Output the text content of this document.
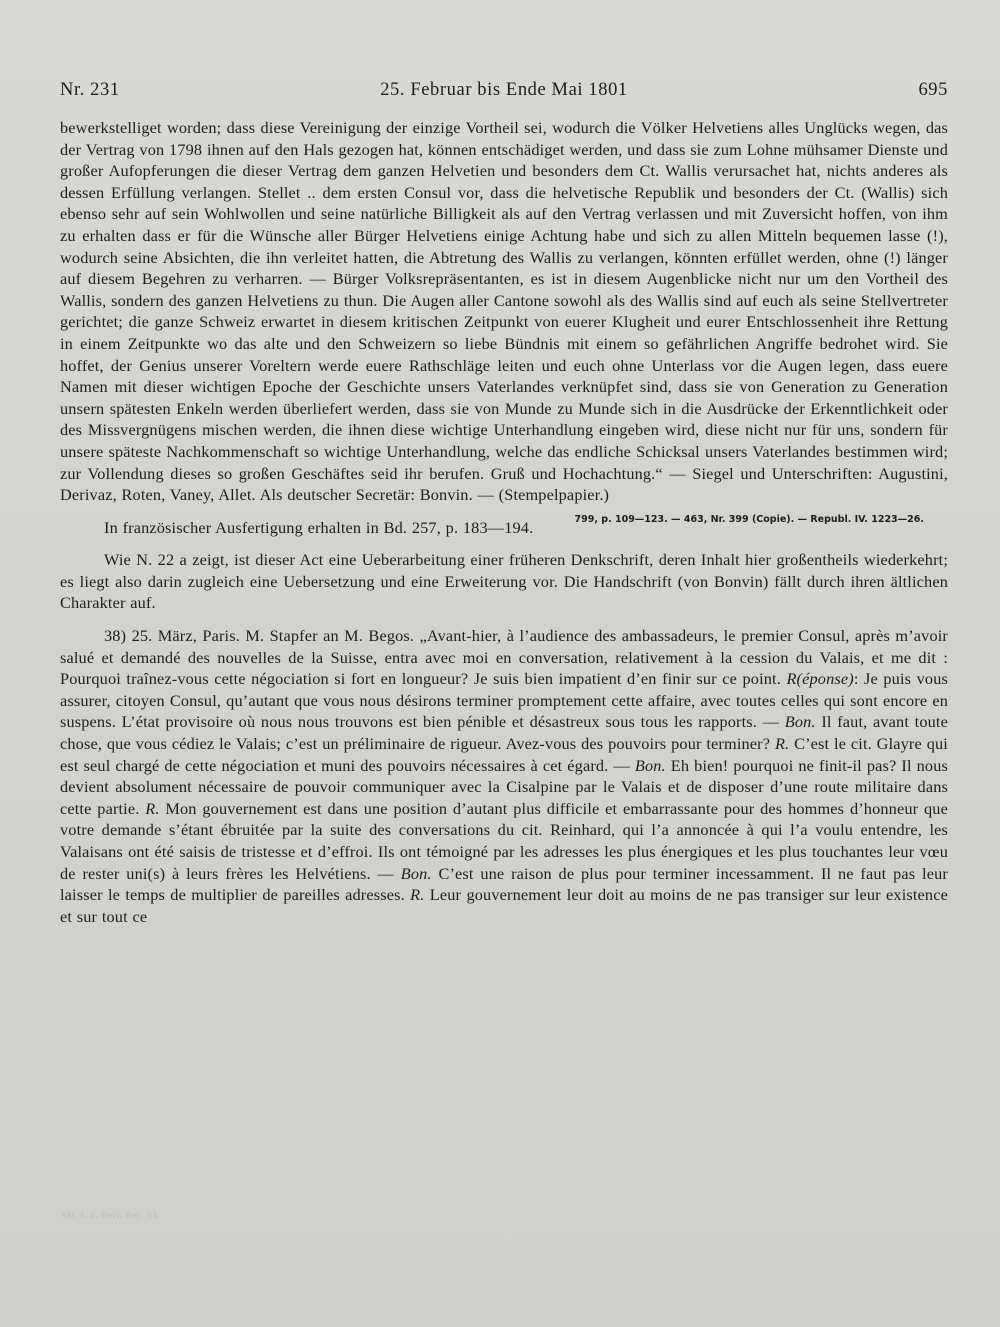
Nr. 231	25. Februar bis Ende Mai 1801	695

bewerkstelliget worden; dass diese Vereinigung der einzige Vortheil sei, wodurch die Völker Helvetiens alles Unglücks wegen, das der Vertrag von 1798 ihnen auf den Hals gezogen hat, können entschädiget werden, und dass sie zum Lohne mühsamer Dienste und großer Aufopferungen die dieser Vertrag dem ganzen Helvetien und besonders dem Ct. Wallis verursachet hat, nichts anderes als dessen Erfüllung verlangen. Stellet .. dem ersten Consul vor, dass die helvetische Republik und besonders der Ct. (Wallis) sich ebenso sehr auf sein Wohlwollen und seine natürliche Billigkeit als auf den Vertrag verlassen und mit Zuversicht hoffen, von ihm zu erhalten dass er für die Wünsche aller Bürger Helvetiens einige Achtung habe und sich zu allen Mitteln bequemen lasse (!), wodurch seine Absichten, die ihn verleitet hatten, die Abtretung des Wallis zu verlangen, könnten erfüllet werden, ohne (!) länger auf diesem Begehren zu verharren. — Bürger Volksrepräsentanten, es ist in diesem Augenblicke nicht nur um den Vortheil des Wallis, sondern des ganzen Helvetiens zu thun. Die Augen aller Cantone sowohl als des Wallis sind auf euch als seine Stellvertreter gerichtet; die ganze Schweiz erwartet in diesem kritischen Zeitpunkt von euerer Klugheit und eurer Entschlossenheit ihre Rettung in einem Zeitpunkte wo das alte und den Schweizern so liebe Bündnis mit einem so gefährlichen Angriffe bedrohet wird. Sie hoffet, der Genius unserer Voreltern werde euere Rathschläge leiten und euch ohne Unterlass vor die Augen legen, dass euere Namen mit dieser wichtigen Epoche der Geschichte unsers Vaterlandes verknüpfet sind, dass sie von Generation zu Generation unsern spätesten Enkeln werden überliefert werden, dass sie von Munde zu Munde sich in die Ausdrücke der Erkenntlichkeit oder des Missvergnügens mischen werden, die ihnen diese wichtige Unterhandlung eingeben wird, diese nicht nur für uns, sondern für unsere späteste Nachkommenschaft so wichtige Unterhandlung, welche das endliche Schicksal unsers Vaterlandes bestimmen wird; zur Vollendung dieses so großen Geschäftes seid ihr berufen. Gruß und Hochachtung.“ — Siegel und Unterschriften: Augustini, Derivaz, Roten, Vaney, Allet. Als deutscher Secretär: Bonvin. — (Stempelpapier.)
799, p. 109—123. — 463, Nr. 399 (Copie). — Republ. IV. 1223—26.

In französischer Ausfertigung erhalten in Bd. 257, p. 183—194.

Wie N. 22 a zeigt, ist dieser Act eine Ueberarbeitung einer früheren Denkschrift, deren Inhalt hier großentheils wiederkehrt; es liegt also darin zugleich eine Uebersetzung und eine Erweiterung vor. Die Handschrift (von Bonvin) fällt durch ihren ältlichen Charakter auf.

38) 25. März, Paris. M. Stapfer an M. Begos. „Avant-hier, à l’audience des ambassadeurs, le premier Consul, après m’avoir salué et demandé des nouvelles de la Suisse, entra avec moi en conversation, relativement à la cession du Valais, et me dit : Pourquoi traînez-vous cette négociation si fort en longueur? Je suis bien impatient d’en finir sur ce point. R(éponse): Je puis vous assurer, citoyen Consul, qu’autant que vous nous désirons terminer promptement cette affaire, avec toutes celles qui sont encore en suspens. L’état provisoire où nous nous trouvons est bien pénible et désastreux sous tous les rapports. — Bon. Il faut, avant toute chose, que vous cédiez le Valais; c’est un préliminaire de rigueur. Avez-vous des pouvoirs pour terminer? R. C’est le cit. Glayre qui est seul chargé de cette négociation et muni des pouvoirs nécessaires à cet égard. — Bon. Eh bien! pourquoi ne finit-il pas? Il nous devient absolument nécessaire de pouvoir communiquer avec la Cisalpine par le Valais et de disposer d’une route militaire dans cette partie. R. Mon gouvernement est dans une position d’autant plus difficile et embarrassante pour des hommes d’honneur que votre demande s’étant ébruitée par la suite des conversations du cit. Reinhard, qui l’a annoncée à qui l’a voulu entendre, les Valaisans ont été saisis de tristesse et d’effroi. Ils ont témoigné par les adresses les plus énergiques et les plus touchantes leur vœu de rester uni(s) à leurs frères les Helvétiens. — Bon. C’est une raison de plus pour terminer incessamment. Il ne faut pas leur laisser le temps de multiplier de pareilles adresses. R. Leur gouvernement leur doit au moins de ne pas transiger sur leur existence et sur tout ce

Akt. z. d. Helv. Rep. VI.
